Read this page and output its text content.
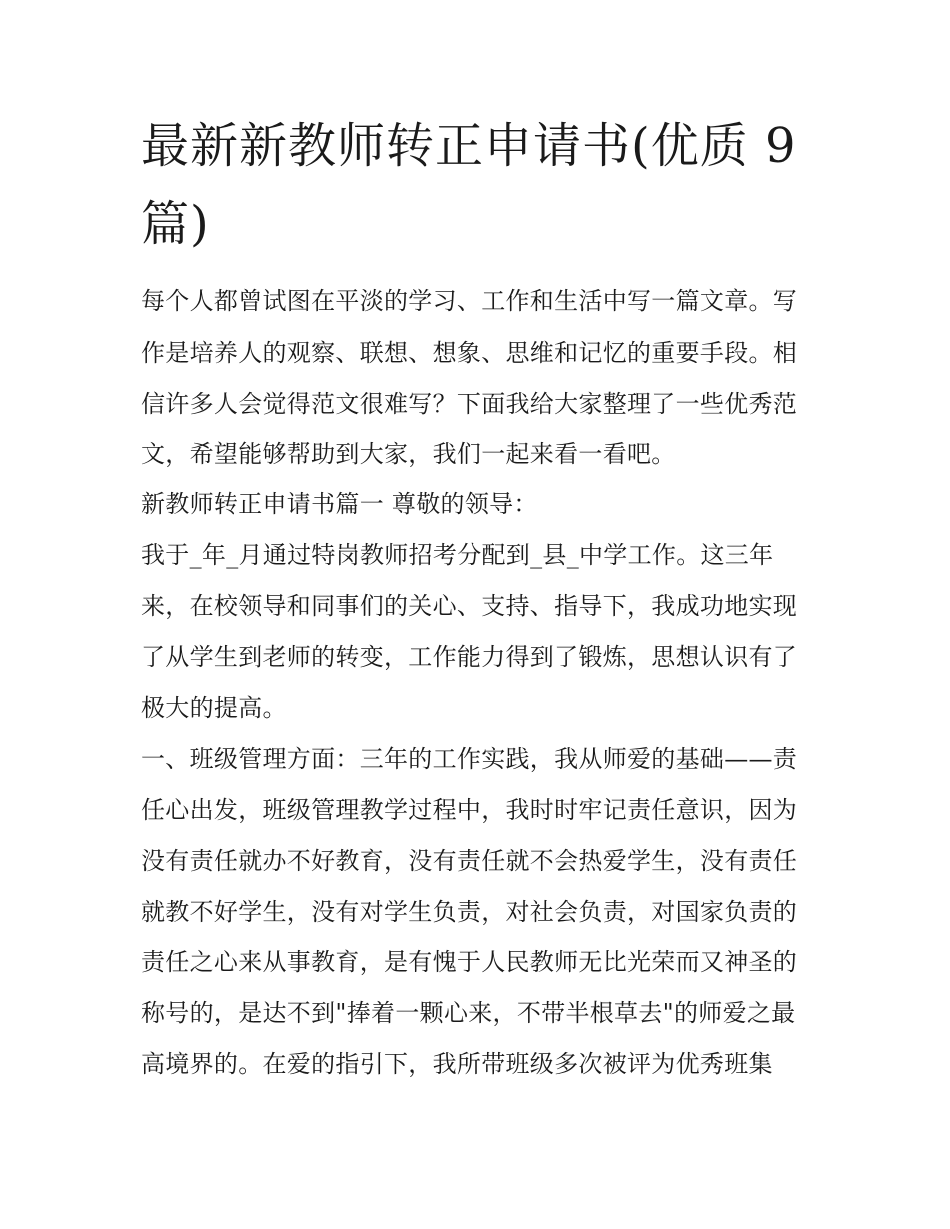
最新新教师转正申请书(优质 9
篇)
每个人都曾试图在平淡的学习、工作和生活中写一篇文章。写
作是培养人的观察、联想、想象、思维和记忆的重要手段。相
信许多人会觉得范文很难写？下面我给大家整理了一些优秀范
文，希望能够帮助到大家，我们一起来看一看吧。
新教师转正申请书篇一 尊敬的领导：
我于_年_月通过特岗教师招考分配到_县_中学工作。这三年
来，在校领导和同事们的关心、支持、指导下，我成功地实现
了从学生到老师的转变，工作能力得到了锻炼，思想认识有了
极大的提高。
一、班级管理方面：三年的工作实践，我从师爱的基础——责
任心出发，班级管理教学过程中，我时时牢记责任意识，因为
没有责任就办不好教育，没有责任就不会热爱学生，没有责任
就教不好学生，没有对学生负责，对社会负责，对国家负责的
责任之心来从事教育，是有愧于人民教师无比光荣而又神圣的
称号的，是达不到"捧着一颗心来，不带半根草去"的师爱之最
高境界的。在爱的指引下，我所带班级多次被评为优秀班集
